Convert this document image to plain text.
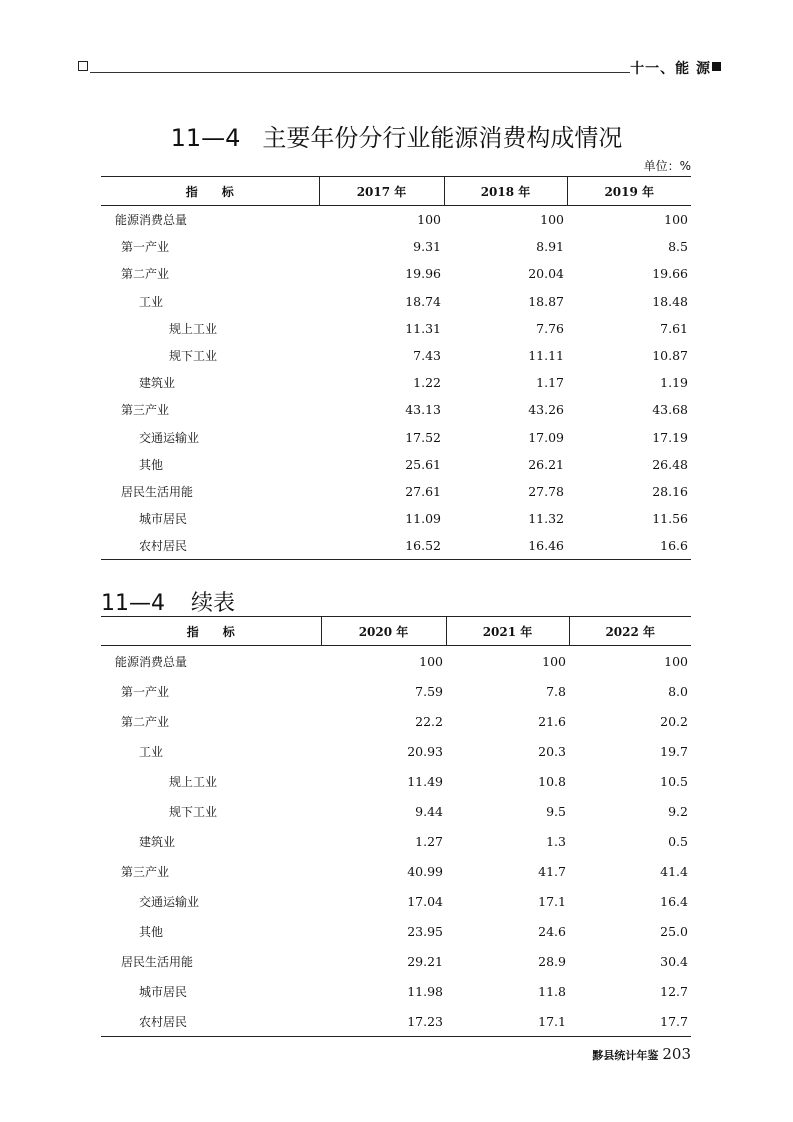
十一、能 源
11—4 主要年份分行业能源消费构成情况
单位：%
指　　标	2017 年	2018 年	2019 年
能源消费总量	100	100	100
第一产业	9.31	8.91	8.5
第二产业	19.96	20.04	19.66
工业	18.74	18.87	18.48
规上工业	11.31	7.76	7.61
规下工业	7.43	11.11	10.87
建筑业	1.22	1.17	1.19
第三产业	43.13	43.26	43.68
交通运输业	17.52	17.09	17.19
其他	25.61	26.21	26.48
居民生活用能	27.61	27.78	28.16
城市居民	11.09	11.32	11.56
农村居民	16.52	16.46	16.6
11—4 续表
指　　标	2020 年	2021 年	2022 年
能源消费总量	100	100	100
第一产业	7.59	7.8	8.0
第二产业	22.2	21.6	20.2
工业	20.93	20.3	19.7
规上工业	11.49	10.8	10.5
规下工业	9.44	9.5	9.2
建筑业	1.27	1.3	0.5
第三产业	40.99	41.7	41.4
交通运输业	17.04	17.1	16.4
其他	23.95	24.6	25.0
居民生活用能	29.21	28.9	30.4
城市居民	11.98	11.8	12.7
农村居民	17.23	17.1	17.7
黟县统计年鉴 203
